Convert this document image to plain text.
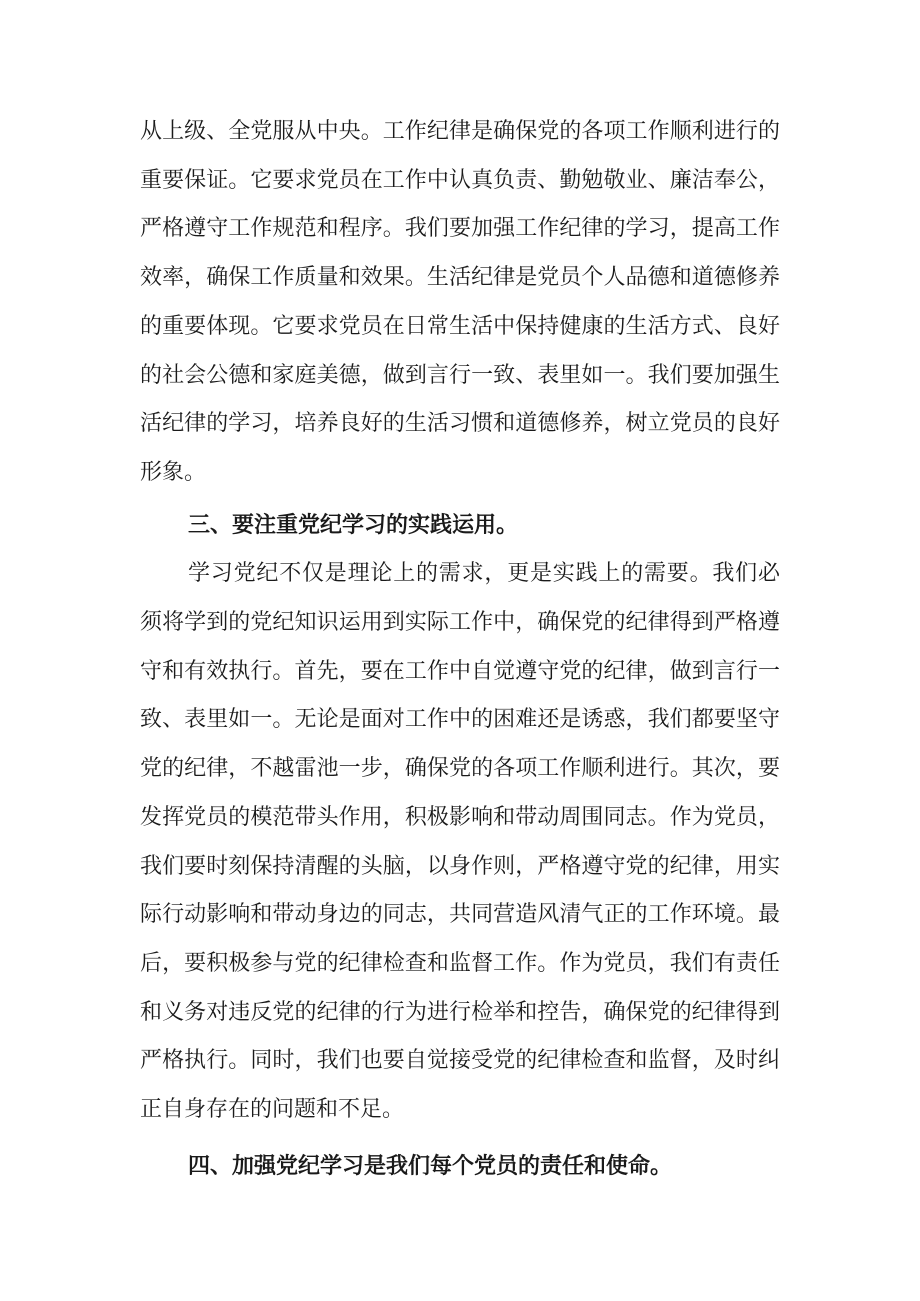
从上级、全党服从中央。工作纪律是确保党的各项工作顺利进行的重要保证。它要求党员在工作中认真负责、勤勉敬业、廉洁奉公，严格遵守工作规范和程序。我们要加强工作纪律的学习，提高工作效率，确保工作质量和效果。生活纪律是党员个人品德和道德修养的重要体现。它要求党员在日常生活中保持健康的生活方式、良好的社会公德和家庭美德，做到言行一致、表里如一。我们要加强生活纪律的学习，培养良好的生活习惯和道德修养，树立党员的良好形象。

三、要注重党纪学习的实践运用。

学习党纪不仅是理论上的需求，更是实践上的需要。我们必须将学到的党纪知识运用到实际工作中，确保党的纪律得到严格遵守和有效执行。首先，要在工作中自觉遵守党的纪律，做到言行一致、表里如一。无论是面对工作中的困难还是诱惑，我们都要坚守党的纪律，不越雷池一步，确保党的各项工作顺利进行。其次，要发挥党员的模范带头作用，积极影响和带动周围同志。作为党员，我们要时刻保持清醒的头脑，以身作则，严格遵守党的纪律，用实际行动影响和带动身边的同志，共同营造风清气正的工作环境。最后，要积极参与党的纪律检查和监督工作。作为党员，我们有责任和义务对违反党的纪律的行为进行检举和控告，确保党的纪律得到严格执行。同时，我们也要自觉接受党的纪律检查和监督，及时纠正自身存在的问题和不足。

四、加强党纪学习是我们每个党员的责任和使命。
